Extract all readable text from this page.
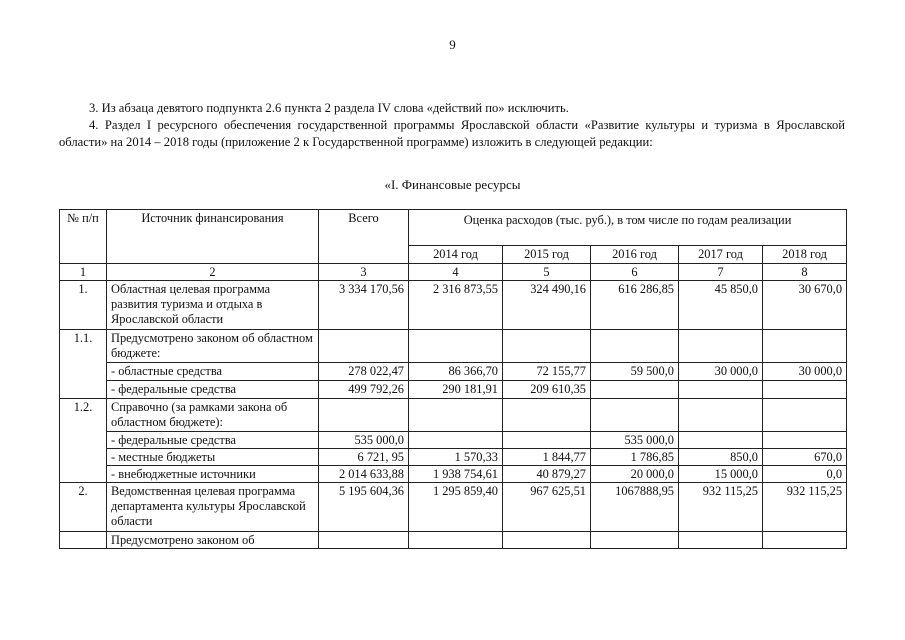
9

3. Из абзаца девятого подпункта 2.6 пункта 2 раздела IV слова «действий по» исключить.

4. Раздел I ресурсного обеспечения государственной программы Ярославской области «Развитие культуры и туризма в Ярославской области» на 2014 – 2018 годы (приложение 2 к Государственной программе) изложить в следующей редакции:

«I. Финансовые ресурсы
№ п/п	Источник финансирования	Всего	Оценка расходов (тыс. руб.), в том числе по годам реализации				
			2014 год	2015 год	2016 год	2017 год	2018 год
1	2	3	4	5	6	7	8
1.	Областная целевая программа развития туризма и отдыха в Ярославской области	3 334 170,56	2 316 873,55	324 490,16	616 286,85	45 850,0	30 670,0
1.1.	Предусмотрено законом об областном бюджете:						
	- областные средства	278 022,47	86 366,70	72 155,77	59 500,0	30 000,0	30 000,0
	- федеральные средства	499 792,26	290 181,91	209 610,35			
1.2.	Справочно (за рамками закона об областном бюджете):						
	- федеральные средства	535 000,0			535 000,0		
	- местные бюджеты	6 721, 95	1 570,33	1 844,77	1 786,85	850,0	670,0
	- внебюджетные источники	2 014 633,88	1 938 754,61	40 879,27	20 000,0	15 000,0	0,0
2.	Ведомственная целевая программа департамента культуры Ярославской области	5 195 604,36	1 295 859,40	967 625,51	1067888,95	932 115,25	932 115,25
	Предусмотрено законом об						
